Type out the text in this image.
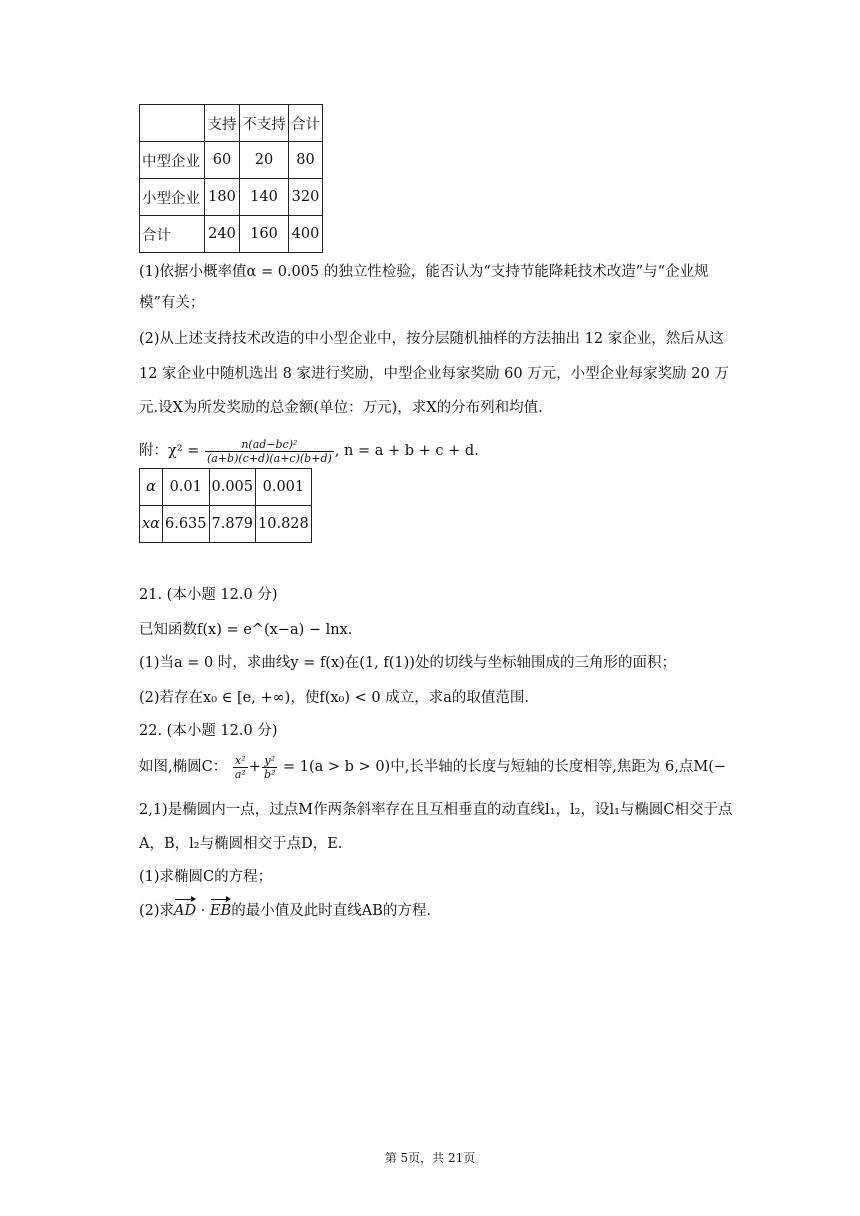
	支持	不支持	合计
中型企业	60	20	80
小型企业	180	140	320
合计	240	160	400
(1)依据小概率值α = 0.005 的独立性检验，能否认为“支持节能降耗技术改造”与“企业规
模”有关；
(2)从上述支持技术改造的中小型企业中，按分层随机抽样的方法抽出 12 家企业，然后从这
12 家企业中随机选出 8 家进行奖励，中型企业每家奖励 60 万元，小型企业每家奖励 20 万
元.设X为所发奖励的总金额(单位：万元)，求X的分布列和均值.
附：$\chi^2 = \frac{\text{n(ad−bc)²}}{(a+b)(c+d)(a+c)(b+d)}$ , n = a + b + c + d.
α	0.01	0.005	0.001
xα	6.635	7.879	10.828
21. (本小题 12.0 分)
已知函数f(x) = e^(x−a) − lnx.
(1)当a = 0 时，求曲线y = f(x)在(1, f(1))处的切线与坐标轴围成的三角形的面积；
(2)若存在x₀ ∈ [e, +∞)，使f(x₀) < 0 成立，求a的取值范围.
22. (本小题 12.0 分)
如图,椭圆C： $\frac{\text{x²}}{\text{a²}} + \frac{\text{y²}}{\text{b²}} = 1(a > b > 0)$中,长半轴的长度与短轴的长度相等,焦距为 6,点M(−
2,1)是椭圆内一点，过点M作两条斜率存在且互相垂直的动直线l₁，l₂，设l₁与椭圆C相交于点
A，B，l₂与椭圆相交于点D，E.
(1)求椭圆C的方程；
(2)求AD · EB的最小值及此时直线AB的方程.
第 5页，共 21页
